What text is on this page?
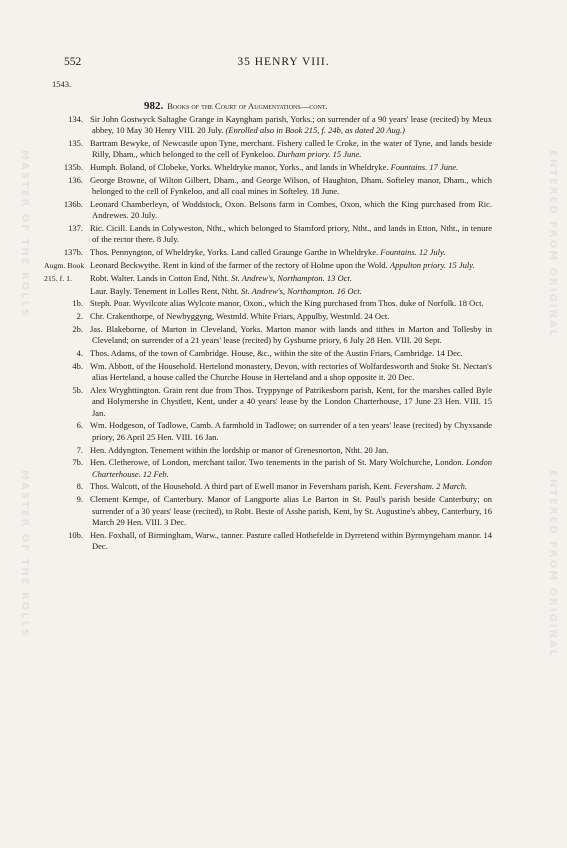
552	35 HENRY VIII.
1543.
982. Books of the Court of Augmentations—cont.
MASTER OF THE ROLLS	ENTERED FROM ORIGINAL
MASTER OF THE ROLLS	ENTERED FROM ORIGINAL
134. Sir John Gostwyck Saltaghe Grange in Kayngham parish, Yorks.; on surrender of a 90 years' lease (recited) by Meux abbey, 10 May 30 Henry VIII. 20 July. (Enrolled also in Book 215, f. 24b, as dated 20 Aug.)
135. Bartram Bewyke, of Newcastle upon Tyne, merchant. Fishery called le Croke, in the water of Tyne, and lands beside Rilly, Dham., which belonged to the cell of Fynkeloo. Durham priory. 15 June.
135b. Humph. Boland, of Clobeke, Yorks. Wheldryke manor, Yorks., and lands in Wheldryke. Fountains. 17 June.
136. George Browne, of Wilton Gilbert, Dham., and George Wilson, of Haughton, Dham. Softeley manor, Dham., which belonged to the cell of Fynkeloo, and all coal mines in Softeley. 18 June.
136b. Leonard Chamberleyn, of Woddstock, Oxon. Belsons farm in Combes, Oxon, which the King purchased from Ric. Andrewes. 20 July.
137. Ric. Cicill. Lands in Colyweston, Ntht., which belonged to Stamford priory, Ntht., and lands in Etton, Ntht., in tenure of the rector there. 8 July.
137b. Thos. Pennyngton, of Wheldryke, Yorks. Land called Graunge Garthe in Wheldryke. Fountains. 12 July.
Augm. Book Leonard Beckwythe. Rent in kind of the farmer of the rectory of Holme upon the Wold. Appulton priory. 15 July.
215. f. 1. Robt. Walter. Lands in Cotton End, Ntht. St. Andrew's, Northampton. 13 Oct.
Laur. Bayly. Tenement in Lolles Rent, Ntht. St. Andrew's, Northampton. 16 Oct.
1b. Steph. Poar. Wyvilcote alias Wylcote manor, Oxon., which the King purchased from Thos. duke of Norfolk. 18 Oct.
2. Chr. Crakenthorpe, of Newbyggyng, Westmld. White Friars, Appulby, Westmld. 24 Oct.
2b. Jas. Blakeborne, of Marton in Cleveland, Yorks. Marton manor with lands and tithes in Marton and Tollesby in Cleveland; on surrender of a 21 years' lease (recited) by Gysburne priory, 6 July 28 Hen. VIII. 20 Sept.
4. Thos. Adams, of the town of Cambridge. House, &c., within the site of the Austin Friars, Cambridge. 14 Dec.
4b. Wm. Abbott, of the Household. Hertelond monastery, Devon, with rectories of Wolfardesworth and Stoke St. Nectan's alias Herteland, a house called the Churche House in Herteland and a shop opposite it. 20 Dec.
5b. Alex Wryghttington. Grain rent due from Thos. Tryppynge of Patrikesborn parish, Kent, for the marshes called Byle and Holymershe in Chystlett, Kent, under a 40 years' lease by the London Charterhouse, 17 June 23 Hen. VIII. 15 Jan.
6. Wm. Hodgeson, of Tadlowe, Camb. A farmhold in Tadlowe; on surrender of a ten years' lease (recited) by Chyxsande priory, 26 April 25 Hen. VIII. 16 Jan.
7. Hen. Addyngton. Tenement within the lordship or manor of Grenesnorton, Ntht. 20 Jan.
7b. Hen. Cletherowe, of London, merchant tailor. Two tenements in the parish of St. Mary Wolchurche, London. London Charterhouse. 12 Feb.
8. Thos. Walcott, of the Household. A third part of Ewell manor in Feversham parish, Kent. Feversham. 2 March.
9. Clement Kempe, of Canterbury. Manor of Langporte alias Le Barton in St. Paul's parish beside Canterbury; on surrender of a 30 years' lease (recited), to Robt. Beste of Asshe parish, Kent, by St. Augustine's abbey, Canterbury, 16 March 29 Hen. VIII. 3 Dec.
10b. Hen. Foxhall, of Birmingham, Warw., tanner. Pasture called Hothefelde in Dyrretend within Byrmyngeham manor. 14 Dec.
